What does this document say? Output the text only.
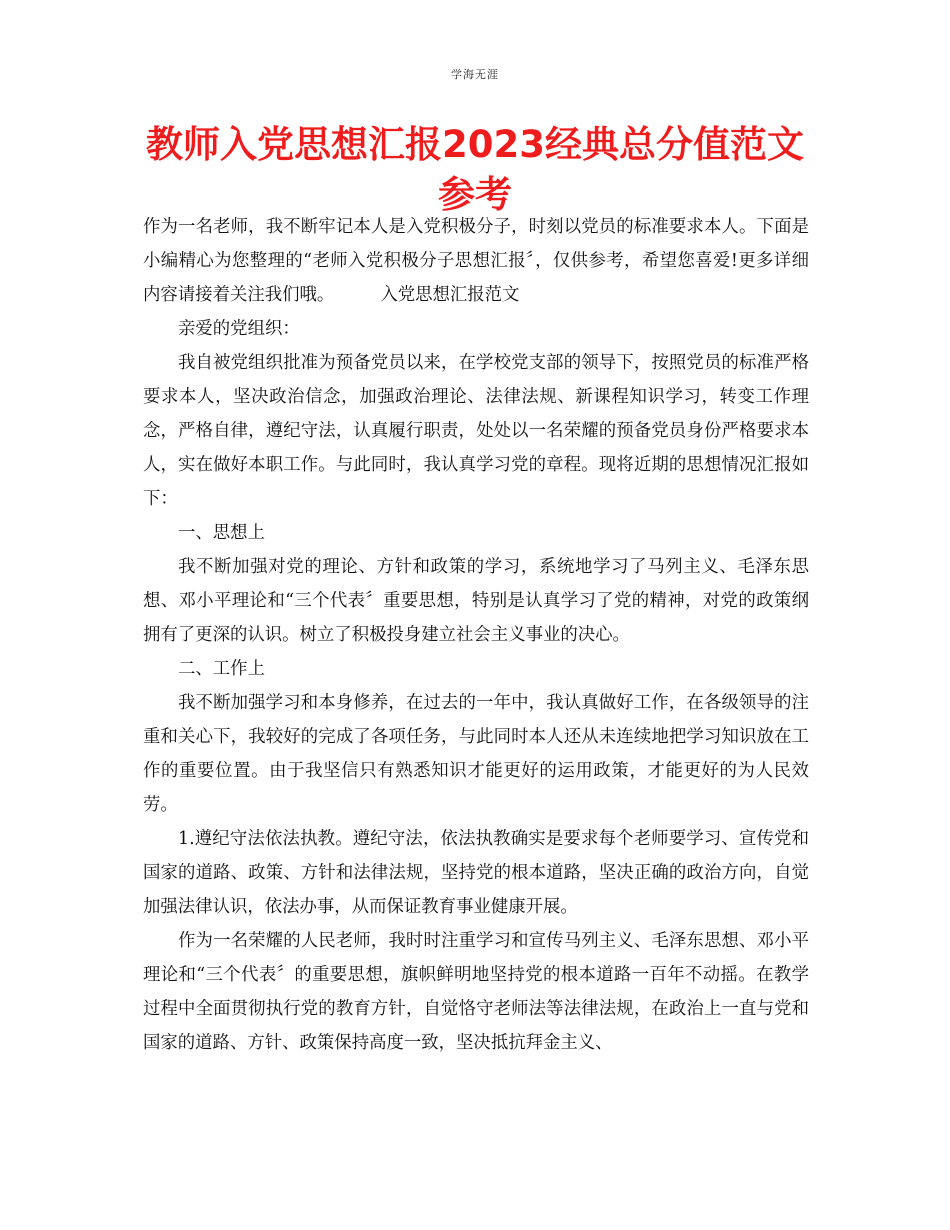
学海无涯
教师入党思想汇报2023经典总分值范文参考

作为一名老师，我不断牢记本人是入党积极分子，时刻以党员的标准要求本人。下面是小编精心为您整理的“老师入党积极分子思想汇报〞，仅供参考，希望您喜爱!更多详细内容请接着关注我们哦。	入党思想汇报范文

亲爱的党组织：

我自被党组织批准为预备党员以来，在学校党支部的领导下，按照党员的标准严格要求本人，坚决政治信念，加强政治理论、法律法规、新课程知识学习，转变工作理念，严格自律，遵纪守法，认真履行职责，处处以一名荣耀的预备党员身份严格要求本人，实在做好本职工作。与此同时，我认真学习党的章程。现将近期的思想情况汇报如下：

一、思想上

我不断加强对党的理论、方针和政策的学习，系统地学习了马列主义、毛泽东思想、邓小平理论和“三个代表〞重要思想，特别是认真学习了党的精神，对党的政策纲拥有了更深的认识。树立了积极投身建立社会主义事业的决心。

二、工作上

我不断加强学习和本身修养，在过去的一年中，我认真做好工作，在各级领导的注重和关心下，我较好的完成了各项任务，与此同时本人还从未连续地把学习知识放在工作的重要位置。由于我坚信只有熟悉知识才能更好的运用政策，才能更好的为人民效劳。

1.遵纪守法依法执教。遵纪守法，依法执教确实是要求每个老师要学习、宣传党和国家的道路、政策、方针和法律法规，坚持党的根本道路，坚决正确的政治方向，自觉加强法律认识，依法办事，从而保证教育事业健康开展。

作为一名荣耀的人民老师，我时时注重学习和宣传马列主义、毛泽东思想、邓小平理论和“三个代表〞的重要思想，旗帜鲜明地坚持党的根本道路一百年不动摇。在教学过程中全面贯彻执行党的教育方针，自觉恪守老师法等法律法规，在政治上一直与党和国家的道路、方针、政策保持高度一致，坚决抵抗拜金主义、
